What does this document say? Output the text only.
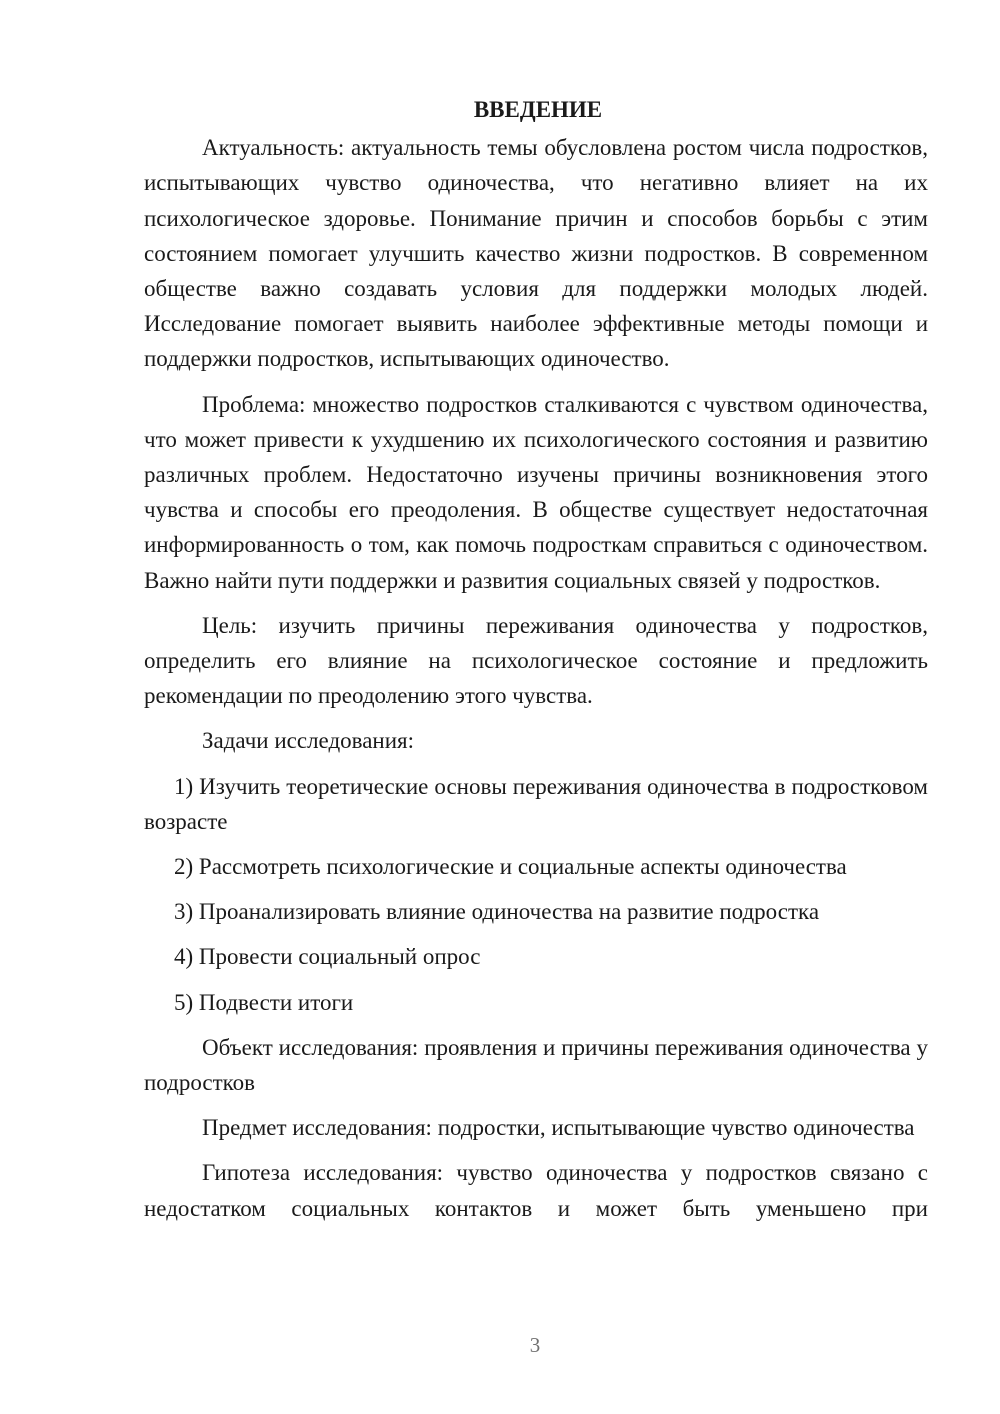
ВВЕДЕНИЕ

Актуальность: актуальность темы обусловлена ростом числа подростков, испытывающих чувство одиночества, что негативно влияет на их психологическое здоровье. Понимание причин и способов борьбы с этим состоянием помогает улучшить качество жизни подростков. В современном обществе важно создавать условия для поддержки молодых людей. Исследование помогает выявить наиболее эффективные методы помощи и поддержки подростков, испытывающих одиночество.

Проблема: множество подростков сталкиваются с чувством одиночества, что может привести к ухудшению их психологического состояния и развитию различных проблем. Недостаточно изучены причины возникновения этого чувства и способы его преодоления. В обществе существует недостаточная информированность о том, как помочь подросткам справиться с одиночеством. Важно найти пути поддержки и развития социальных связей у подростков.

Цель: изучить причины переживания одиночества у подростков, определить его влияние на психологическое состояние и предложить рекомендации по преодолению этого чувства.

Задачи исследования:

1) Изучить теоретические основы переживания одиночества в подростковом возрасте

2) Рассмотреть психологические и социальные аспекты одиночества

3) Проанализировать влияние одиночества на развитие подростка

4) Провести социальный опрос

5) Подвести итоги

Объект исследования: проявления и причины переживания одиночества у подростков

Предмет исследования: подростки, испытывающие чувство одиночества

Гипотеза исследования: чувство одиночества у подростков связано с недостатком социальных контактов и может быть уменьшено при

3
